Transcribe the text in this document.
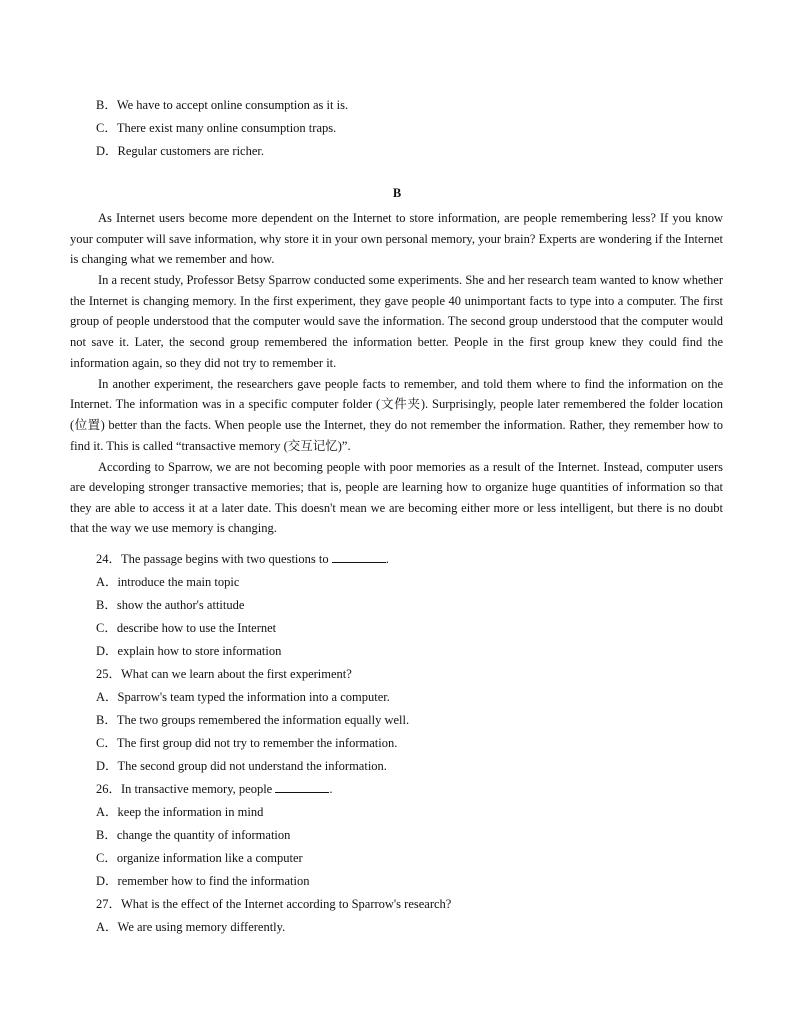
B．We have to accept online consumption as it is.
C．There exist many online consumption traps.
D．Regular customers are richer.
B

As Internet users become more dependent on the Internet to store information, are people remembering less? If you know your computer will save information, why store it in your own personal memory, your brain? Experts are wondering if the Internet is changing what we remember and how.

In a recent study, Professor Betsy Sparrow conducted some experiments. She and her research team wanted to know whether the Internet is changing memory. In the first experiment, they gave people 40 unimportant facts to type into a computer. The first group of people understood that the computer would save the information. The second group understood that the computer would not save it. Later, the second group remembered the information better. People in the first group knew they could find the information again, so they did not try to remember it.

In another experiment, the researchers gave people facts to remember, and told them where to find the information on the Internet. The information was in a specific computer folder (文件夹). Surprisingly, people later remembered the folder location (位置) better than the facts. When people use the Internet, they do not remember the information. Rather, they remember how to find it. This is called “transactive memory (交互记忆)”.

According to Sparrow, we are not becoming people with poor memories as a result of the Internet. Instead, computer users are developing stronger transactive memories; that is, people are learning how to organize huge quantities of information so that they are able to access it at a later date. This doesn't mean we are becoming either more or less intelligent, but there is no doubt that the way we use memory is changing.

24．The passage begins with two questions to	.
A．introduce the main topic
B．show the author's attitude
C．describe how to use the Internet
D．explain how to store information
25．What can we learn about the first experiment?
A．Sparrow's team typed the information into a computer.
B．The two groups remembered the information equally well.
C．The first group did not try to remember the information.
D．The second group did not understand the information.
26．In transactive memory, people	.
A．keep the information in mind
B．change the quantity of information
C．organize information like a computer
D．remember how to find the information
27．What is the effect of the Internet according to Sparrow's research?
A．We are using memory differently.
